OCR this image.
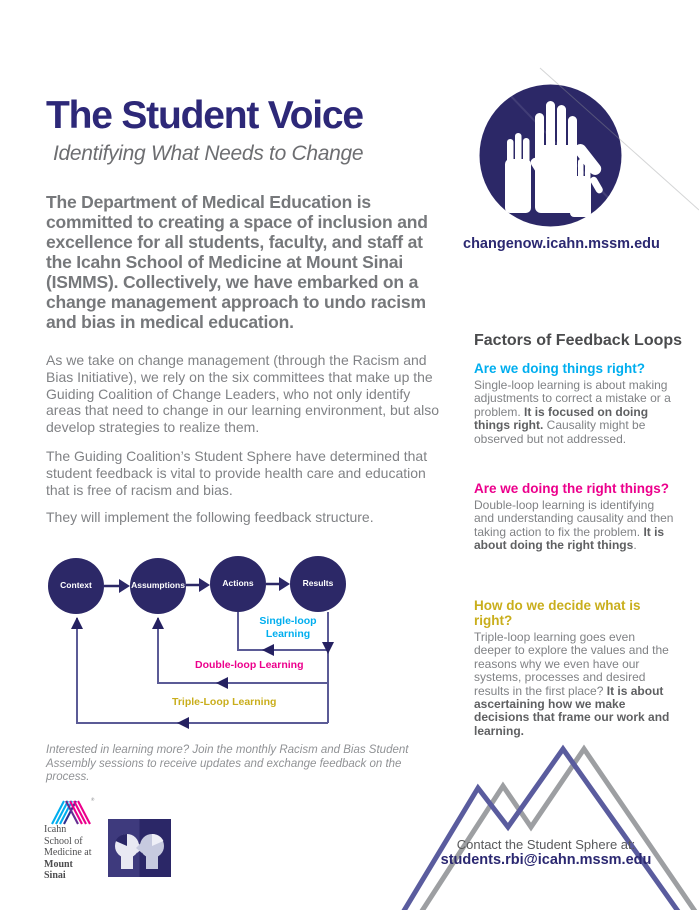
The Student Voice
Identifying What Needs to Change
The Department of Medical Education is committed to creating a space of inclusion and excellence for all students, faculty, and staff at the Icahn School of Medicine at Mount Sinai (ISMMS). Collectively, we have embarked on a change management approach to undo racism and bias in medical education.
As we take on change management (through the Racism and Bias Initiative), we rely on the six committees that make up the Guiding Coalition of Change Leaders, who not only identify areas that need to change in our learning environment, but also develop strategies to realize them.
The Guiding Coalition’s Student Sphere have determined that student feedback is vital to provide health care and education that is free of racism and bias.
They will implement the following feedback structure.
Context	Assumptions	Actions	Results
Single-loop Learning
Double-loop Learning
Triple-Loop Learning
Interested in learning more? Join the monthly Racism and Bias Student Assembly sessions to receive updates and exchange feedback on the process.
changenow.icahn.mssm.edu
Factors of Feedback Loops
Are we doing things right?
Single-loop learning is about making adjustments to correct a mistake or a problem. It is focused on doing things right. Causality might be observed but not addressed.
Are we doing the right things?
Double-loop learning is identifying and understanding causality and then taking action to fix the problem. It is about doing the right things.
How do we decide what is right?
Triple-loop learning goes even deeper to explore the values and the reasons why we even have our systems, processes and desired results in the first place? It is about ascertaining how we make decisions that frame our work and learning.
®
Icahn
School of
Medicine at
Mount
Sinai
Contact the Student Sphere at:
students.rbi@icahn.mssm.edu
